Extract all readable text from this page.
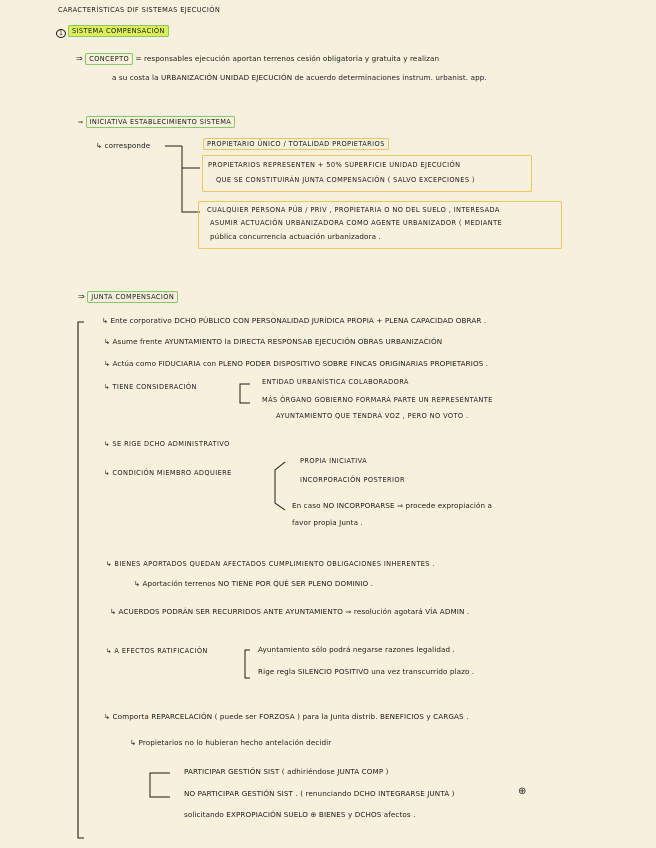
CARACTERÍSTICAS DIF SISTEMAS EJECUCIÓN
1	SISTEMA COMPENSACIÓN
⇒ CONCEPTO = responsables ejecución aportan terrenos cesión obligatoria y gratuita y realizan
a su costa la URBANIZACIÓN UNIDAD EJECUCIÓN de acuerdo determinaciones instrum. urbanist. app.
⇒ INICIATIVA ESTABLECIMIENTO SISTEMA
↳ corresponde	PROPIETARIO ÚNICO / TOTALIDAD PROPIETARIOS
PROPIETARIOS REPRESENTEN + 50% SUPERFICIE UNIDAD EJECUCIÓN
QUE SE CONSTITUIRÁN JUNTA COMPENSACIÓN ( SALVO EXCEPCIONES )
CUALQUIER PERSONA PÚB / PRIV , PROPIETARIA O NO DEL SUELO , INTERESADA
ASUMIR ACTUACIÓN URBANIZADORA COMO AGENTE URBANIZADOR ( MEDIANTE
pública concurrencia actuación urbanizadora .
⇒ JUNTA COMPENSACIÓN
↳ Ente corporativo DCHO PÚBLICO CON PERSONALIDAD JURÍDICA PROPIA + PLENA CAPACIDAD OBRAR .
↳ Asume frente AYUNTAMIENTO la DIRECTA RESPONSAB EJECUCIÓN OBRAS URBANIZACIÓN
↳ Actúa como FIDUCIARIA con PLENO PODER DISPOSITIVO SOBRE FINCAS ORIGINARIAS PROPIETARIOS .
↳ TIENE CONSIDERACIÓN
ENTIDAD URBANÍSTICA COLABORADORA
MÁS ÓRGANO GOBIERNO FORMARÁ PARTE UN REPRESENTANTE
AYUNTAMIENTO QUE TENDRÁ VOZ , PERO NO VOTO .
↳ SE RIGE DCHO ADMINISTRATIVO
↳ CONDICIÓN MIEMBRO ADQUIERE
PROPIA INICIATIVA
INCORPORACIÓN POSTERIOR
En caso NO INCORPORARSE ⇒ procede expropiación a
favor propia Junta .
↳ BIENES APORTADOS QUEDAN AFECTADOS CUMPLIMIENTO OBLIGACIONES INHERENTES .
↳ Aportación terrenos NO TIENE POR QUÉ SER PLENO DOMINIO .
↳ ACUERDOS PODRÁN SER RECURRIDOS ANTE AYUNTAMIENTO ⇒ resolución agotará VÍA ADMIN .
↳ A EFECTOS RATIFICACIÓN	Ayuntamiento sólo podrá negarse razones legalidad .
Rige regla SILENCIO POSITIVO una vez transcurrido plazo .
↳ Comporta REPARCELACIÓN ( puede ser FORZOSA ) para la Junta distrib. BENEFICIOS y CARGAS .
↳ Propietarios no lo hubieran hecho antelación decidir
PARTICIPAR GESTIÓN SIST ( adhiriéndose JUNTA COMP )
NO PARTICIPAR GESTIÓN SIST . ( renunciando DCHO INTEGRARSE JUNTA )	⊕
solicitando EXPROPIACIÓN SUELO ⊕ BIENES y DCHOS afectos .
